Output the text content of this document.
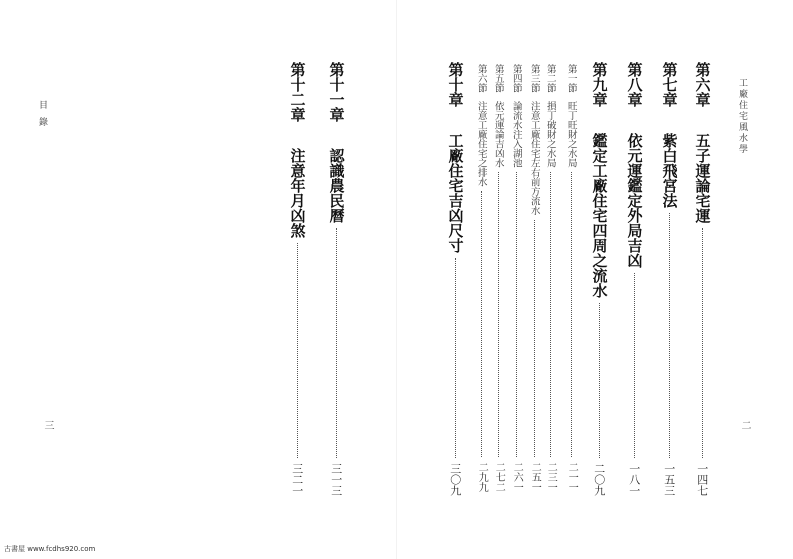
工廠住宅風水學
二
目錄
三
第六章
五子運論宅運
一四七
第七章
紫白飛宮法
一五三
第八章
依元運鑑定外局吉凶
一八一
第九章
鑑定工廠住宅四周之流水
二〇九
第一節
旺丁旺財之水局
二一一
第二節
損丁破財之水局
二三一
第三節
注意工廠住宅左右前方流水
二五一
第四節
論流水注入湖池
二六一
第五節
依元運論吉凶水
二七二
第六節
注意工廠住宅之排水
二九九
第十章
工廠住宅吉凶尺寸
三〇九
第十一章
認識農民曆
三一三
第十二章
注意年月凶煞
三二一
古書屋 www.fcdhs920.com
